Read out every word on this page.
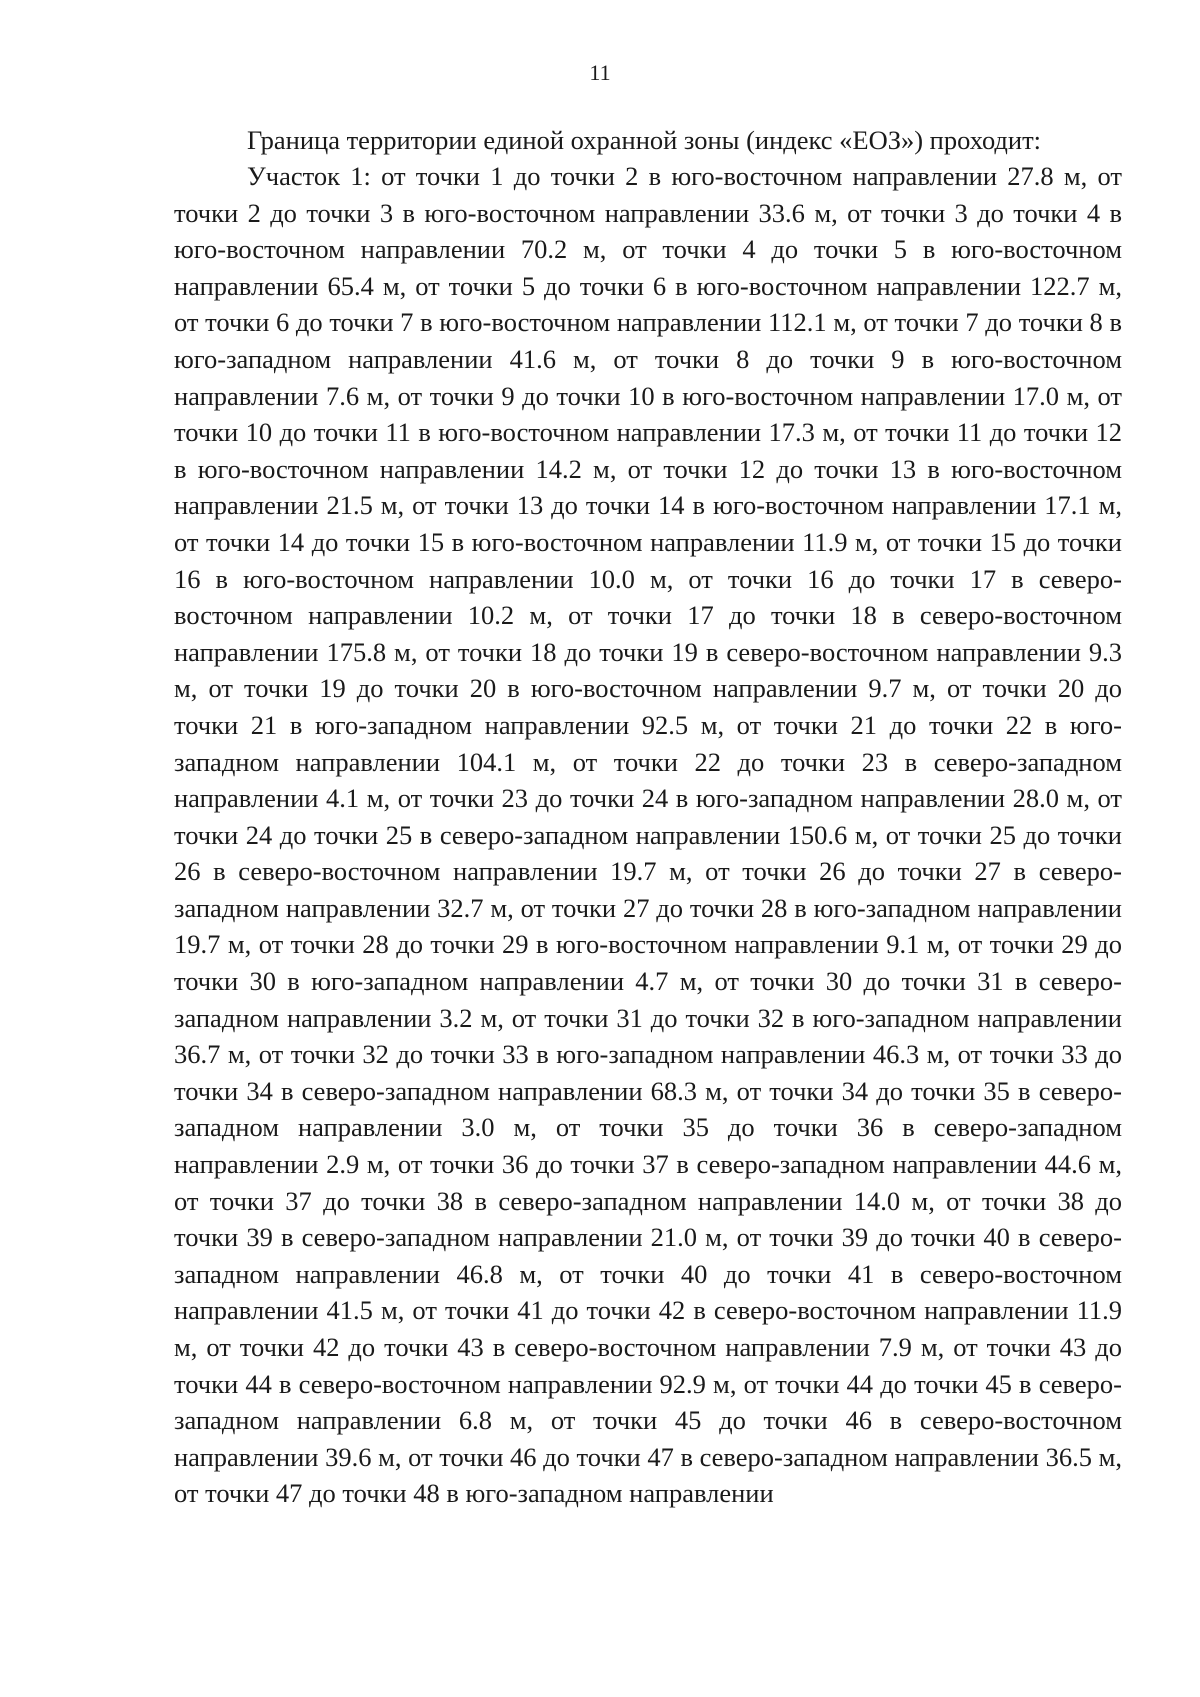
11
Граница территории единой охранной зоны (индекс «ЕОЗ») проходит:

Участок 1: от точки 1 до точки 2 в юго-восточном направлении 27.8 м, от точки 2 до точки 3 в юго-восточном направлении 33.6 м, от точки 3 до точки 4 в юго-восточном направлении 70.2 м, от точки 4 до точки 5 в юго-восточном направлении 65.4 м, от точки 5 до точки 6 в юго-восточном направлении 122.7 м, от точки 6 до точки 7 в юго-восточном направлении 112.1 м, от точки 7 до точки 8 в юго-западном направлении 41.6 м, от точки 8 до точки 9 в юго-восточном направлении 7.6 м, от точки 9 до точки 10 в юго-восточном направлении 17.0 м, от точки 10 до точки 11 в юго-восточном направлении 17.3 м, от точки 11 до точки 12 в юго-восточном направлении 14.2 м, от точки 12 до точки 13 в юго-восточном направлении 21.5 м, от точки 13 до точки 14 в юго-восточном направлении 17.1 м, от точки 14 до точки 15 в юго-восточном направлении 11.9 м, от точки 15 до точки 16 в юго-восточном направлении 10.0 м, от точки 16 до точки 17 в северо-восточном направлении 10.2 м, от точки 17 до точки 18 в северо-восточном направлении 175.8 м, от точки 18 до точки 19 в северо-восточном направлении 9.3 м, от точки 19 до точки 20 в юго-восточном направлении 9.7 м, от точки 20 до точки 21 в юго-западном направлении 92.5 м, от точки 21 до точки 22 в юго-западном направлении 104.1 м, от точки 22 до точки 23 в северо-западном направлении 4.1 м, от точки 23 до точки 24 в юго-западном направлении 28.0 м, от точки 24 до точки 25 в северо-западном направлении 150.6 м, от точки 25 до точки 26 в северо-восточном направлении 19.7 м, от точки 26 до точки 27 в северо-западном направлении 32.7 м, от точки 27 до точки 28 в юго-западном направлении 19.7 м, от точки 28 до точки 29 в юго-восточном направлении 9.1 м, от точки 29 до точки 30 в юго-западном направлении 4.7 м, от точки 30 до точки 31 в северо-западном направлении 3.2 м, от точки 31 до точки 32 в юго-западном направлении 36.7 м, от точки 32 до точки 33 в юго-западном направлении 46.3 м, от точки 33 до точки 34 в северо-западном направлении 68.3 м, от точки 34 до точки 35 в северо-западном направлении 3.0 м, от точки 35 до точки 36 в северо-западном направлении 2.9 м, от точки 36 до точки 37 в северо-западном направлении 44.6 м, от точки 37 до точки 38 в северо-западном направлении 14.0 м, от точки 38 до точки 39 в северо-западном направлении 21.0 м, от точки 39 до точки 40 в северо-западном направлении 46.8 м, от точки 40 до точки 41 в северо-восточном направлении 41.5 м, от точки 41 до точки 42 в северо-восточном направлении 11.9 м, от точки 42 до точки 43 в северо-восточном направлении 7.9 м, от точки 43 до точки 44 в северо-восточном направлении 92.9 м, от точки 44 до точки 45 в северо-западном направлении 6.8 м, от точки 45 до точки 46 в северо-восточном направлении 39.6 м, от точки 46 до точки 47 в северо-западном направлении 36.5 м, от точки 47 до точки 48 в юго-западном направлении
